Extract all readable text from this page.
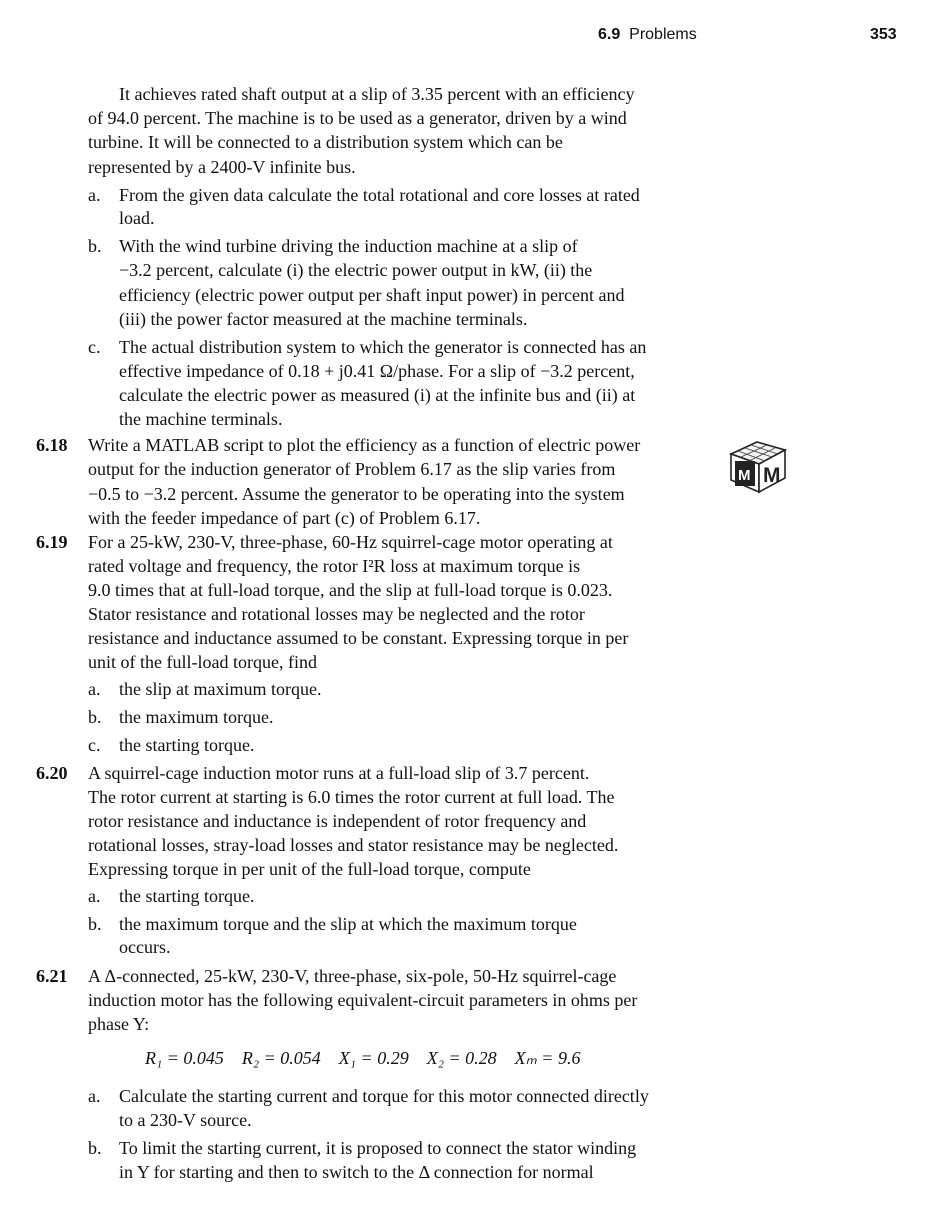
6.9 Problems	353
It achieves rated shaft output at a slip of 3.35 percent with an efficiency
of 94.0 percent. The machine is to be used as a generator, driven by a wind
turbine. It will be connected to a distribution system which can be
represented by a 2400-V infinite bus.
a. From the given data calculate the total rotational and core losses at rated
load.
b. With the wind turbine driving the induction machine at a slip of
−3.2 percent, calculate (i) the electric power output in kW, (ii) the
efficiency (electric power output per shaft input power) in percent and
(iii) the power factor measured at the machine terminals.
c. The actual distribution system to which the generator is connected has an
effective impedance of 0.18 + j0.41 Ω/phase. For a slip of −3.2 percent,
calculate the electric power as measured (i) at the infinite bus and (ii) at
the machine terminals.
6.18 Write a MATLAB script to plot the efficiency as a function of electric power
output for the induction generator of Problem 6.17 as the slip varies from
−0.5 to −3.2 percent. Assume the generator to be operating into the system
with the feeder impedance of part (c) of Problem 6.17.
6.19 For a 25-kW, 230-V, three-phase, 60-Hz squirrel-cage motor operating at
rated voltage and frequency, the rotor I²R loss at maximum torque is
9.0 times that at full-load torque, and the slip at full-load torque is 0.023.
Stator resistance and rotational losses may be neglected and the rotor
resistance and inductance assumed to be constant. Expressing torque in per
unit of the full-load torque, find
a. the slip at maximum torque.
b. the maximum torque.
c. the starting torque.
6.20 A squirrel-cage induction motor runs at a full-load slip of 3.7 percent.
The rotor current at starting is 6.0 times the rotor current at full load. The
rotor resistance and inductance is independent of rotor frequency and
rotational losses, stray-load losses and stator resistance may be neglected.
Expressing torque in per unit of the full-load torque, compute
a. the starting torque.
b. the maximum torque and the slip at which the maximum torque
occurs.
6.21 A Δ-connected, 25-kW, 230-V, three-phase, six-pole, 50-Hz squirrel-cage
induction motor has the following equivalent-circuit parameters in ohms per
phase Y:
R₁ = 0.045    R₂ = 0.054    X₁ = 0.29    X₂ = 0.28    Xₘ = 9.6
a. Calculate the starting current and torque for this motor connected directly
to a 230-V source.
b. To limit the starting current, it is proposed to connect the stator winding
in Y for starting and then to switch to the Δ connection for normal
M M
